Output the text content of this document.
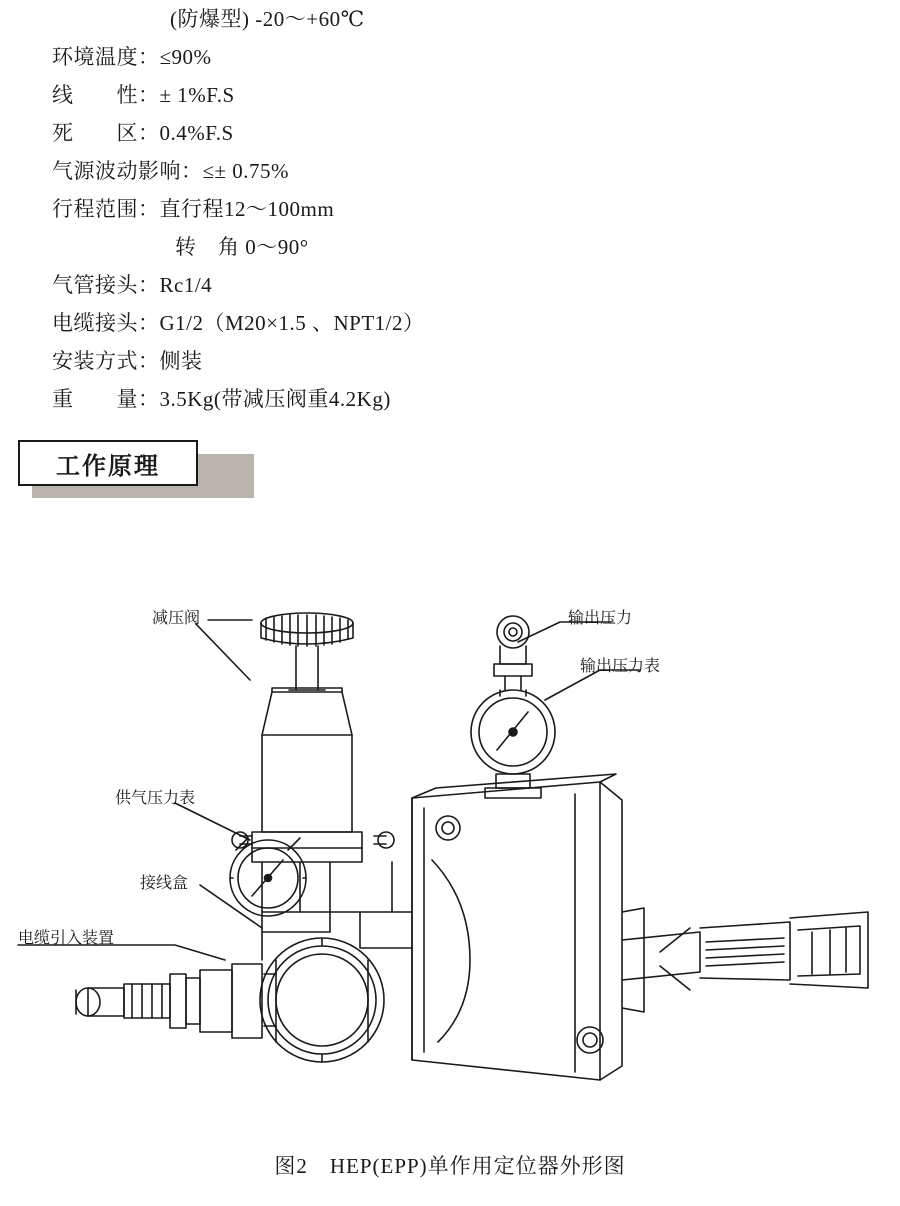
(防爆型) -20～+60℃
环境温度：≤90%
线　　性：± 1%F.S
死　　区：0.4%F.S
气源波动影响：≤± 0.75%
行程范围：直行程12～100mm
转　角 0～90°
气管接头：Rc1/4
电缆接头：G1/2（M20×1.5 、NPT1/2）
安装方式：侧装
重　　量：3.5Kg(带减压阀重4.2Kg)
工作原理
减压阀	输出压力
输出压力表
供气压力表
接线盒
电缆引入装置
图2　HEP(EPP)单作用定位器外形图
